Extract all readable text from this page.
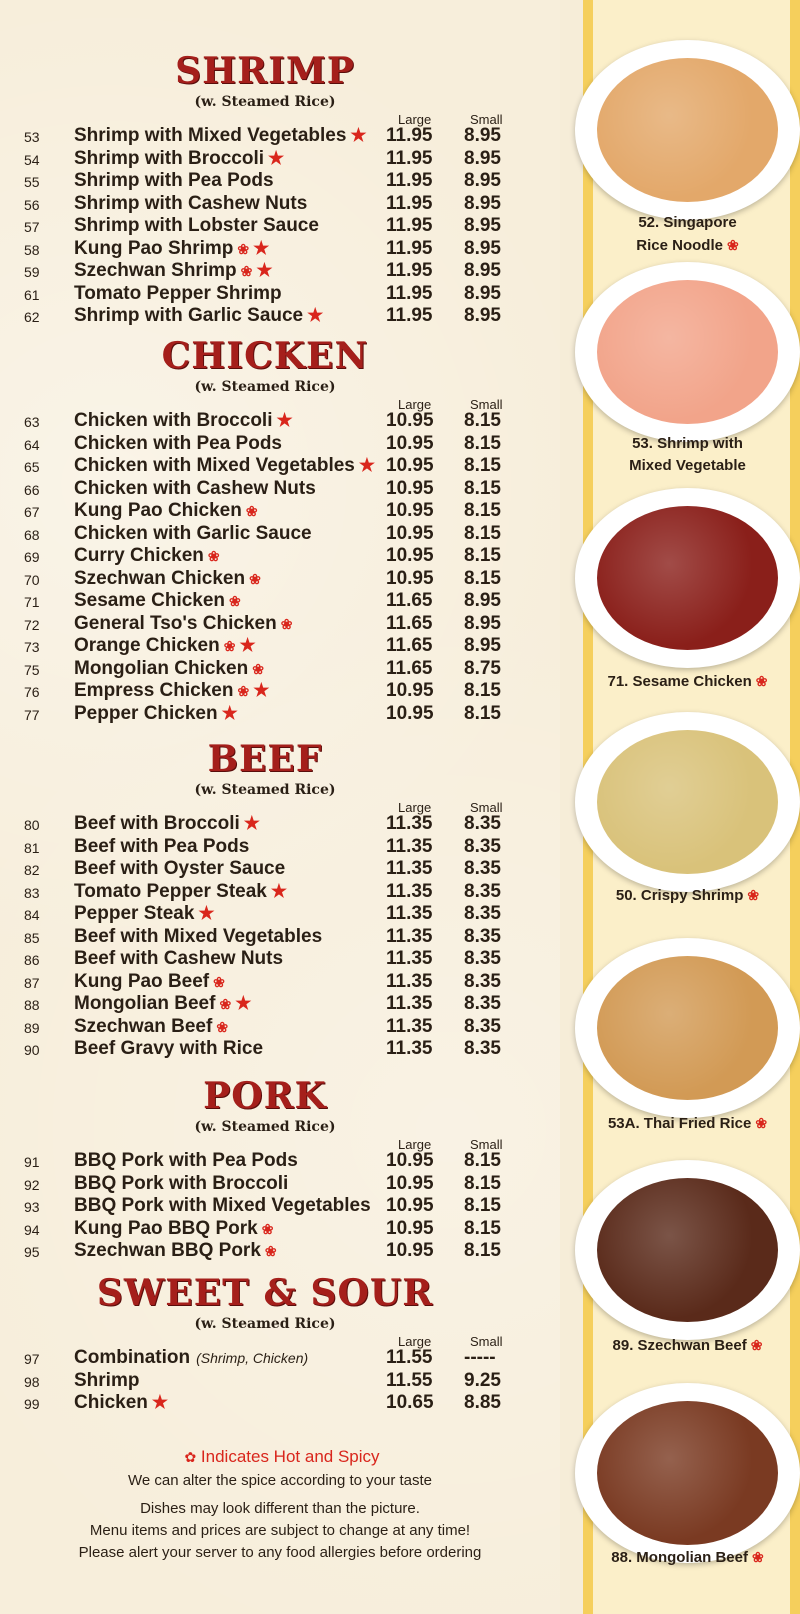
SHRIMP
(w. Steamed Rice)
Large	Small
53 Shrimp with Mixed Vegetables ★ 11.95 8.95
54 Shrimp with Broccoli ★	11.95 8.95
55 Shrimp with Pea Pods	11.95 8.95
56 Shrimp with Cashew Nuts	11.95 8.95
57 Shrimp with Lobster Sauce	11.95 8.95
58 Kung Pao Shrimp ❀ ★	11.95 8.95
59 Szechwan Shrimp ❀ ★	11.95 8.95
61 Tomato Pepper Shrimp	11.95 8.95
62 Shrimp with Garlic Sauce ★	11.95 8.95
CHICKEN
(w. Steamed Rice)
Large	Small
63 Chicken with Broccoli ★	10.95 8.15
64 Chicken with Pea Pods	10.95 8.15
65 Chicken with Mixed Vegetables ★ 10.95 8.15
66 Chicken with Cashew Nuts	10.95 8.15
67 Kung Pao Chicken ❀	10.95 8.15
68 Chicken with Garlic Sauce	10.95 8.15
69 Curry Chicken ❀	10.95 8.15
70 Szechwan Chicken ❀	10.95 8.15
71 Sesame Chicken ❀	11.65 8.95
72 General Tso's Chicken ❀	11.65 8.95
73 Orange Chicken ❀ ★	11.65 8.95
75 Mongolian Chicken ❀	11.65 8.75
76 Empress Chicken ❀ ★	10.95 8.15
77 Pepper Chicken ★	10.95 8.15
BEEF
(w. Steamed Rice)
Large	Small
80 Beef with Broccoli ★	11.35 8.35
81 Beef with Pea Pods	11.35 8.35
82 Beef with Oyster Sauce	11.35 8.35
83 Tomato Pepper Steak ★	11.35 8.35
84 Pepper Steak ★	11.35 8.35
85 Beef with Mixed Vegetables	11.35 8.35
86 Beef with Cashew Nuts	11.35 8.35
87 Kung Pao Beef ❀	11.35 8.35
88 Mongolian Beef ❀ ★	11.35 8.35
89 Szechwan Beef ❀	11.35 8.35
90 Beef Gravy with Rice	11.35 8.35
PORK
(w. Steamed Rice)
Large	Small
91 BBQ Pork with Pea Pods	10.95 8.15
92 BBQ Pork with Broccoli	10.95 8.15
93 BBQ Pork with Mixed Vegetables 10.95 8.15
94 Kung Pao BBQ Pork ❀	10.95 8.15
95 Szechwan BBQ Pork ❀	10.95 8.15
SWEET & SOUR
(w. Steamed Rice)
Large	Small
97 Combination (Shrimp, Chicken)	11.55 -----
98 Shrimp	11.55 9.25
99 Chicken ★	10.65 8.85
✿ Indicates Hot and Spicy
We can alter the spice according to your taste
Dishes may look different than the picture.
Menu items and prices are subject to change at any time!
Please alert your server to any food allergies before ordering
52. Singapore
Rice Noodle ❀
53. Shrimp with
Mixed Vegetable
71. Sesame Chicken ❀
50. Crispy Shrimp ❀
53A. Thai Fried Rice ❀
89. Szechwan Beef ❀
88. Mongolian Beef ❀
